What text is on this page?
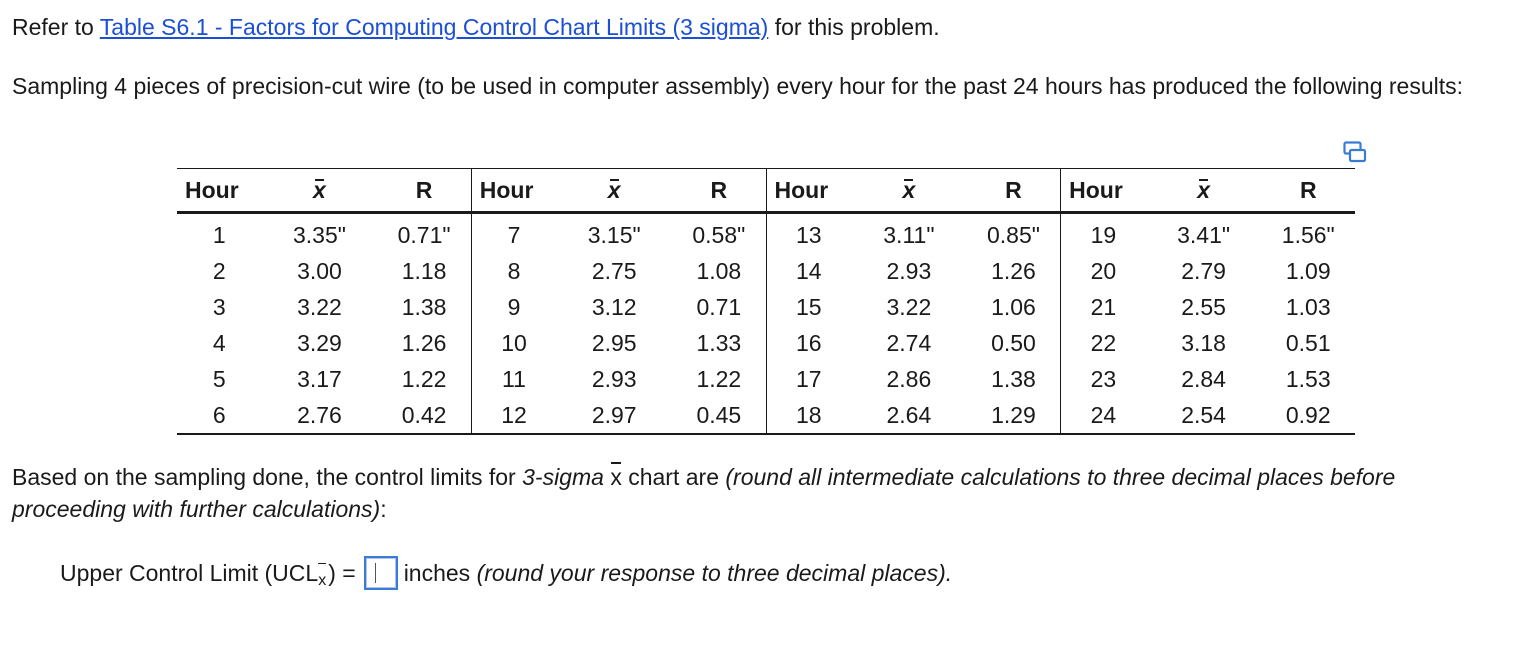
Refer to Table S6.1 - Factors for Computing Control Chart Limits (3 sigma) for this problem.

Sampling 4 pieces of precision-cut wire (to be used in computer assembly) every hour for the past 24 hours has produced the following results:

Hour	x	R	Hour	x	R	Hour	x	R	Hour	x	R
1	3.35"	0.71"	7	3.15"	0.58"	13	3.11"	0.85"	19	3.41"	1.56"
2	3.00	1.18	8	2.75	1.08	14	2.93	1.26	20	2.79	1.09
3	3.22	1.38	9	3.12	0.71	15	3.22	1.06	21	2.55	1.03
4	3.29	1.26	10	2.95	1.33	16	2.74	0.50	22	3.18	0.51
5	3.17	1.22	11	2.93	1.22	17	2.86	1.38	23	2.84	1.53
6	2.76	0.42	12	2.97	0.45	18	2.64	1.29	24	2.54	0.92

Based on the sampling done, the control limits for 3-sigma x chart are (round all intermediate calculations to three decimal places before proceeding with further calculations):

Upper Control Limit (UCL x ) = inches
(round your response to three decimal places).
